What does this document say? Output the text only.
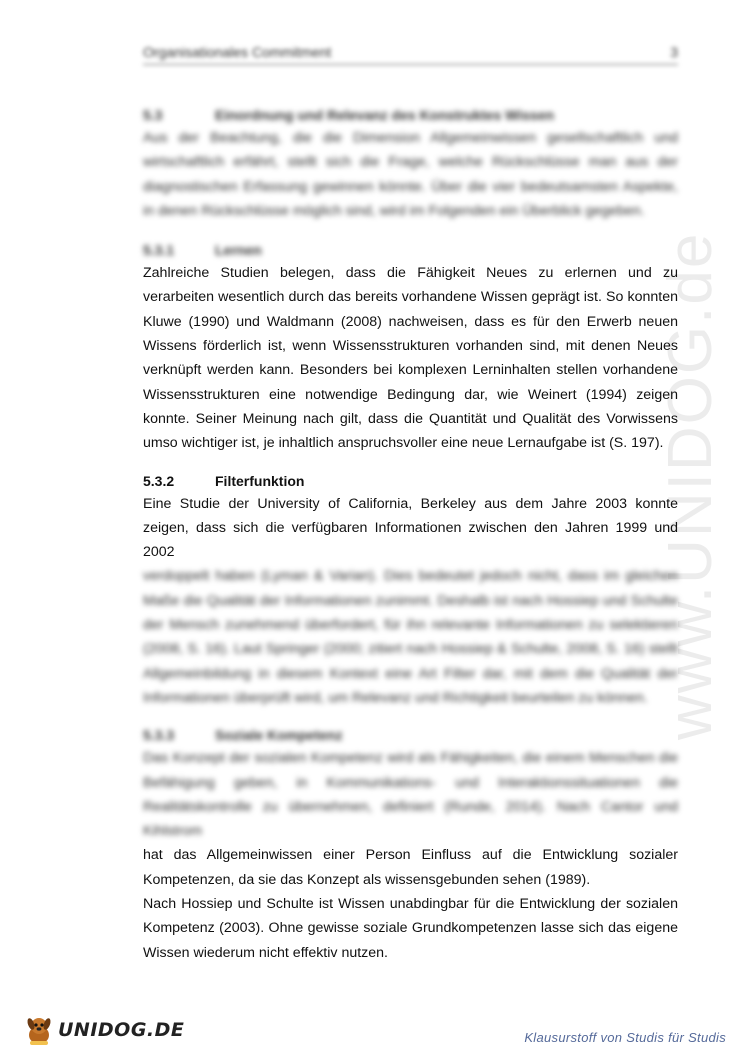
Organisationales Commitment	3
www.UNIDOG.de
5.3	Einordnung und Relevanz des Konstruktes Wissen

Aus der Beachtung, die die Dimension Allgemeinwissen gesellschaftlich und wirtschaftlich erfährt, stellt sich die Frage, welche Rückschlüsse man aus der diagnostischen Erfassung gewinnen könnte. Über die vier bedeutsamsten Aspekte, in denen Rückschlüsse möglich sind, wird im Folgenden ein Überblick gegeben.

5.3.1	Lernen

Zahlreiche Studien belegen, dass die Fähigkeit Neues zu erlernen und zu verarbeiten wesentlich durch das bereits vorhandene Wissen geprägt ist. So konnten Kluwe (1990) und Waldmann (2008) nachweisen, dass es für den Erwerb neuen Wissens förderlich ist, wenn Wissensstrukturen vorhanden sind, mit denen Neues verknüpft werden kann. Besonders bei komplexen Lerninhalten stellen vorhandene Wissensstrukturen eine notwendige Bedingung dar, wie Weinert (1994) zeigen konnte. Seiner Meinung nach gilt, dass die Quantität und Qualität des Vorwissens umso wichtiger ist, je inhaltlich anspruchsvoller eine neue Lernaufgabe ist (S. 197).

5.3.2	Filterfunktion

Eine Studie der University of California, Berkeley aus dem Jahre 2003 konnte zeigen, dass sich die verfügbaren Informationen zwischen den Jahren 1999 und 2002

verdoppelt haben (Lyman & Varian). Dies bedeutet jedoch nicht, dass im gleichen Maße die Qualität der Informationen zunimmt. Deshalb ist nach Hossiep und Schulte der Mensch zunehmend überfordert, für ihn relevante Informationen zu selektieren (2008, S. 16). Laut Springer (2000; zitiert nach Hossiep & Schulte, 2008, S. 16) stellt Allgemeinbildung in diesem Kontext eine Art Filter dar, mit dem die Qualität der Informationen überprüft wird, um Relevanz und Richtigkeit beurteilen zu können.

5.3.3	Soziale Kompetenz

Das Konzept der sozialen Kompetenz wird als Fähigkeiten, die einem Menschen die Befähigung geben, in Kommunikations- und Interaktionssituationen die Realitätskontrolle zu übernehmen, definiert (Runde, 2014). Nach Cantor und Kihlstrom

hat das Allgemeinwissen einer Person Einfluss auf die Entwicklung sozialer Kompetenzen, da sie das Konzept als wissensgebunden sehen (1989).

Nach Hossiep und Schulte ist Wissen unabdingbar für die Entwicklung der sozialen Kompetenz (2003). Ohne gewisse soziale Grundkompetenzen lasse sich das eigene Wissen wiederum nicht effektiv nutzen.

UNIDOG.DE	Klausurstoff von Studis für Studis
